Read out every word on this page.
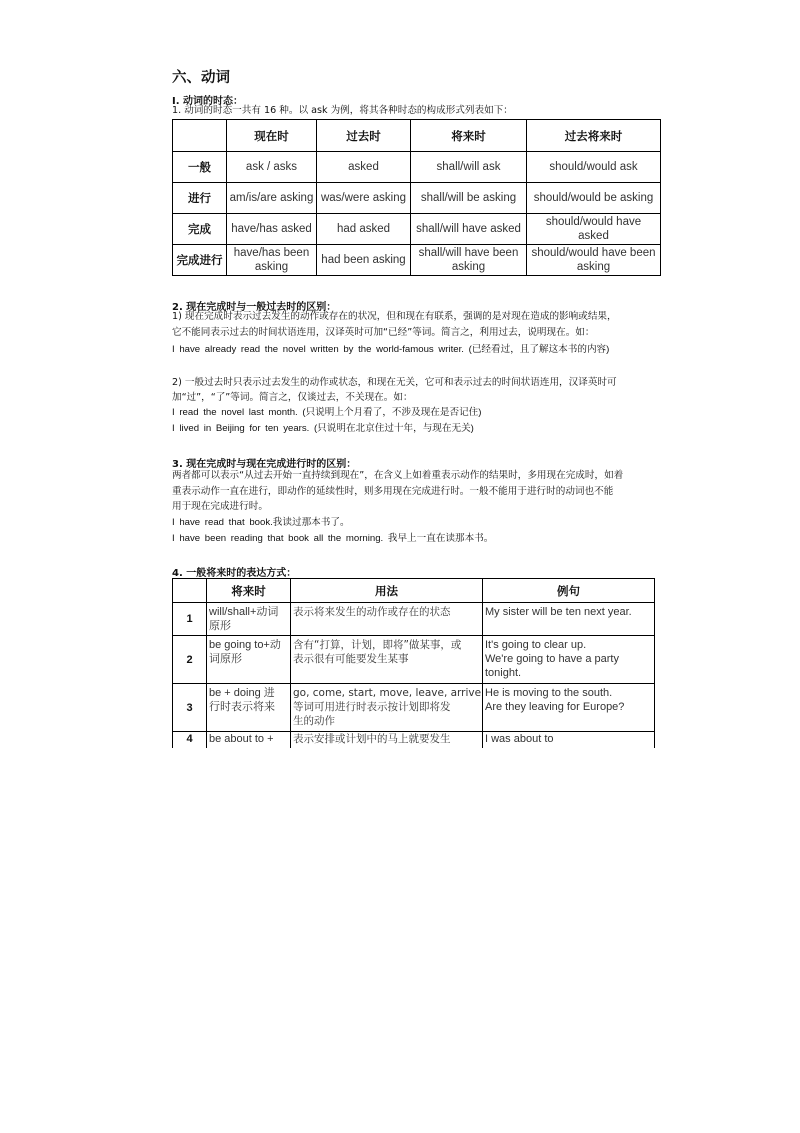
六、动词
I. 动词的时态：
1. 动词的时态一共有 16 种。以 ask 为例，将其各种时态的构成形式列表如下：
	现在时	过去时	将来时	过去将来时
一般	ask / asks	asked	shall/will ask	should/would ask
进行	am/is/are asking	was/were asking	shall/will be asking	should/would be asking
完成	have/has asked	had asked	shall/will have asked	should/would have asked
完成进行	have/has been asking	had been asking	shall/will have been asking	should/would have been asking
2. 现在完成时与一般过去时的区别：
1) 现在完成时表示过去发生的动作或存在的状况，但和现在有联系，强调的是对现在造成的影响或结果，
它不能同表示过去的时间状语连用，汉译英时可加“已经”等词。简言之，利用过去，说明现在。如：
I have already read the novel written by the world-famous writer. (已经看过，且了解这本书的内容)
2) 一般过去时只表示过去发生的动作或状态，和现在无关，它可和表示过去的时间状语连用，汉译英时可
加“过”，“了”等词。简言之，仅谈过去，不关现在。如：
I read the novel last month. (只说明上个月看了，不涉及现在是否记住)
I lived in Beijing for ten years. (只说明在北京住过十年，与现在无关)
3. 现在完成时与现在完成进行时的区别：
两者都可以表示“从过去开始一直持续到现在”，在含义上如着重表示动作的结果时，多用现在完成时，如着
重表示动作一直在进行，即动作的延续性时，则多用现在完成进行时。一般不能用于进行时的动词也不能
用于现在完成进行时。
I have read that book.我读过那本书了。
I have been reading that book all the morning. 我早上一直在读那本书。
4. 一般将来时的表达方式：
	将来时	用法	例句
1	will/shall+动词
原形	表示将来发生的动作或存在的状态	My sister will be ten next year.

2	be going to+动
词原形	含有“打算，计划，即将”做某事，或
表示很有可能要发生某事	It's going to clear up.
We're going to have a party
tonight.

3	be + doing 进
行时表示将来	go, come, start, move, leave, arrive
等词可用进行时表示按计划即将发
生的动作	He is moving to the south.
Are they leaving for Europe?

4	be about to +	表示安排或计划中的马上就要发生	I was about to
